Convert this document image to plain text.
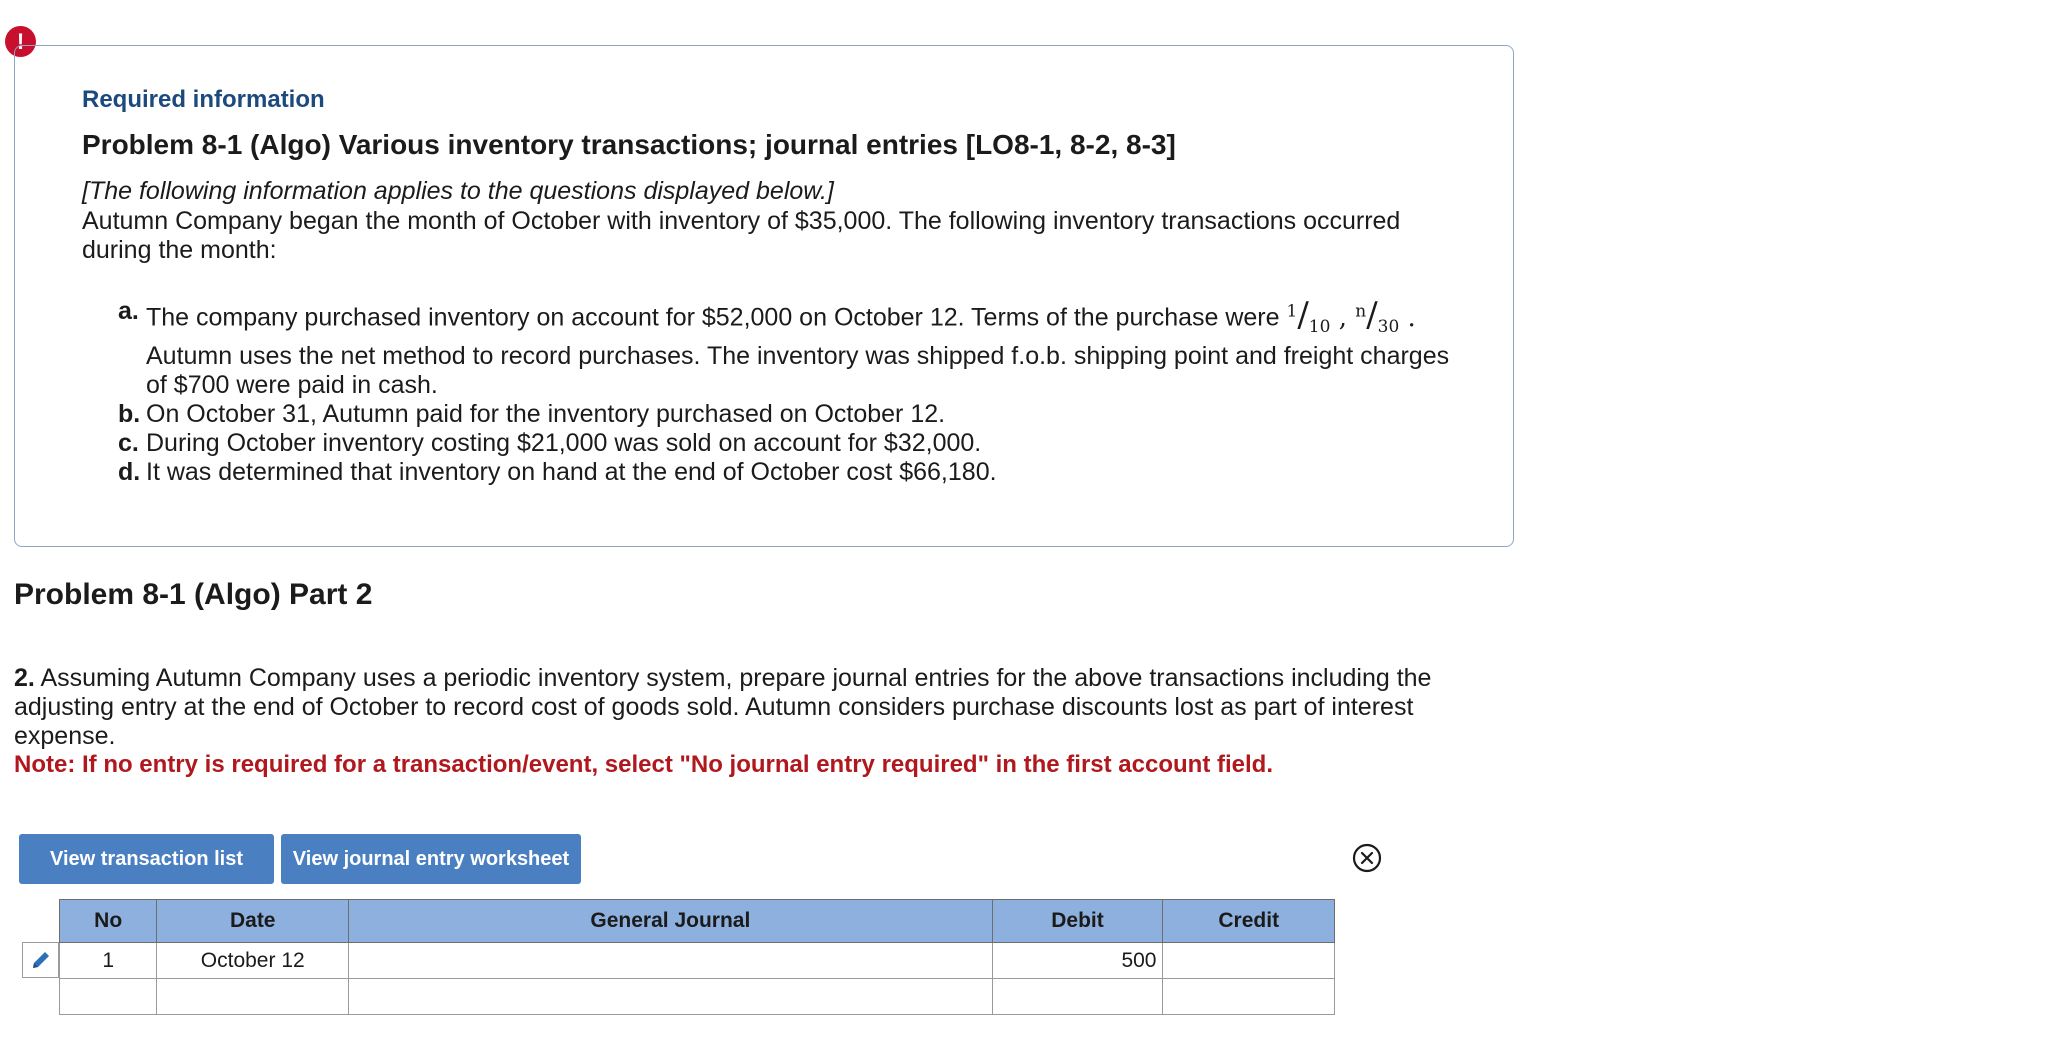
!
Required information
Problem 8-1 (Algo) Various inventory transactions; journal entries [LO8-1, 8-2, 8-3]
[The following information applies to the questions displayed below.]
Autumn Company began the month of October with inventory of $35,000. The following inventory transactions occurred during the month:
a. The company purchased inventory on account for $52,000 on October 12. Terms of the purchase were $^1/_{10}$ , $^n/_{30}$ .
Autumn uses the net method to record purchases. The inventory was shipped f.o.b. shipping point and freight charges of $700 were paid in cash.
b. On October 31, Autumn paid for the inventory purchased on October 12.
c. During October inventory costing $21,000 was sold on account for $32,000.
d. It was determined that inventory on hand at the end of October cost $66,180.
Problem 8-1 (Algo) Part 2
2. Assuming Autumn Company uses a periodic inventory system, prepare journal entries for the above transactions including the adjusting entry at the end of October to record cost of goods sold. Autumn considers purchase discounts lost as part of interest expense.
Note: If no entry is required for a transaction/event, select "No journal entry required" in the first account field.
View transaction list	View journal entry worksheet
No	Date	General Journal	Debit	Credit
1	October 12		500	
